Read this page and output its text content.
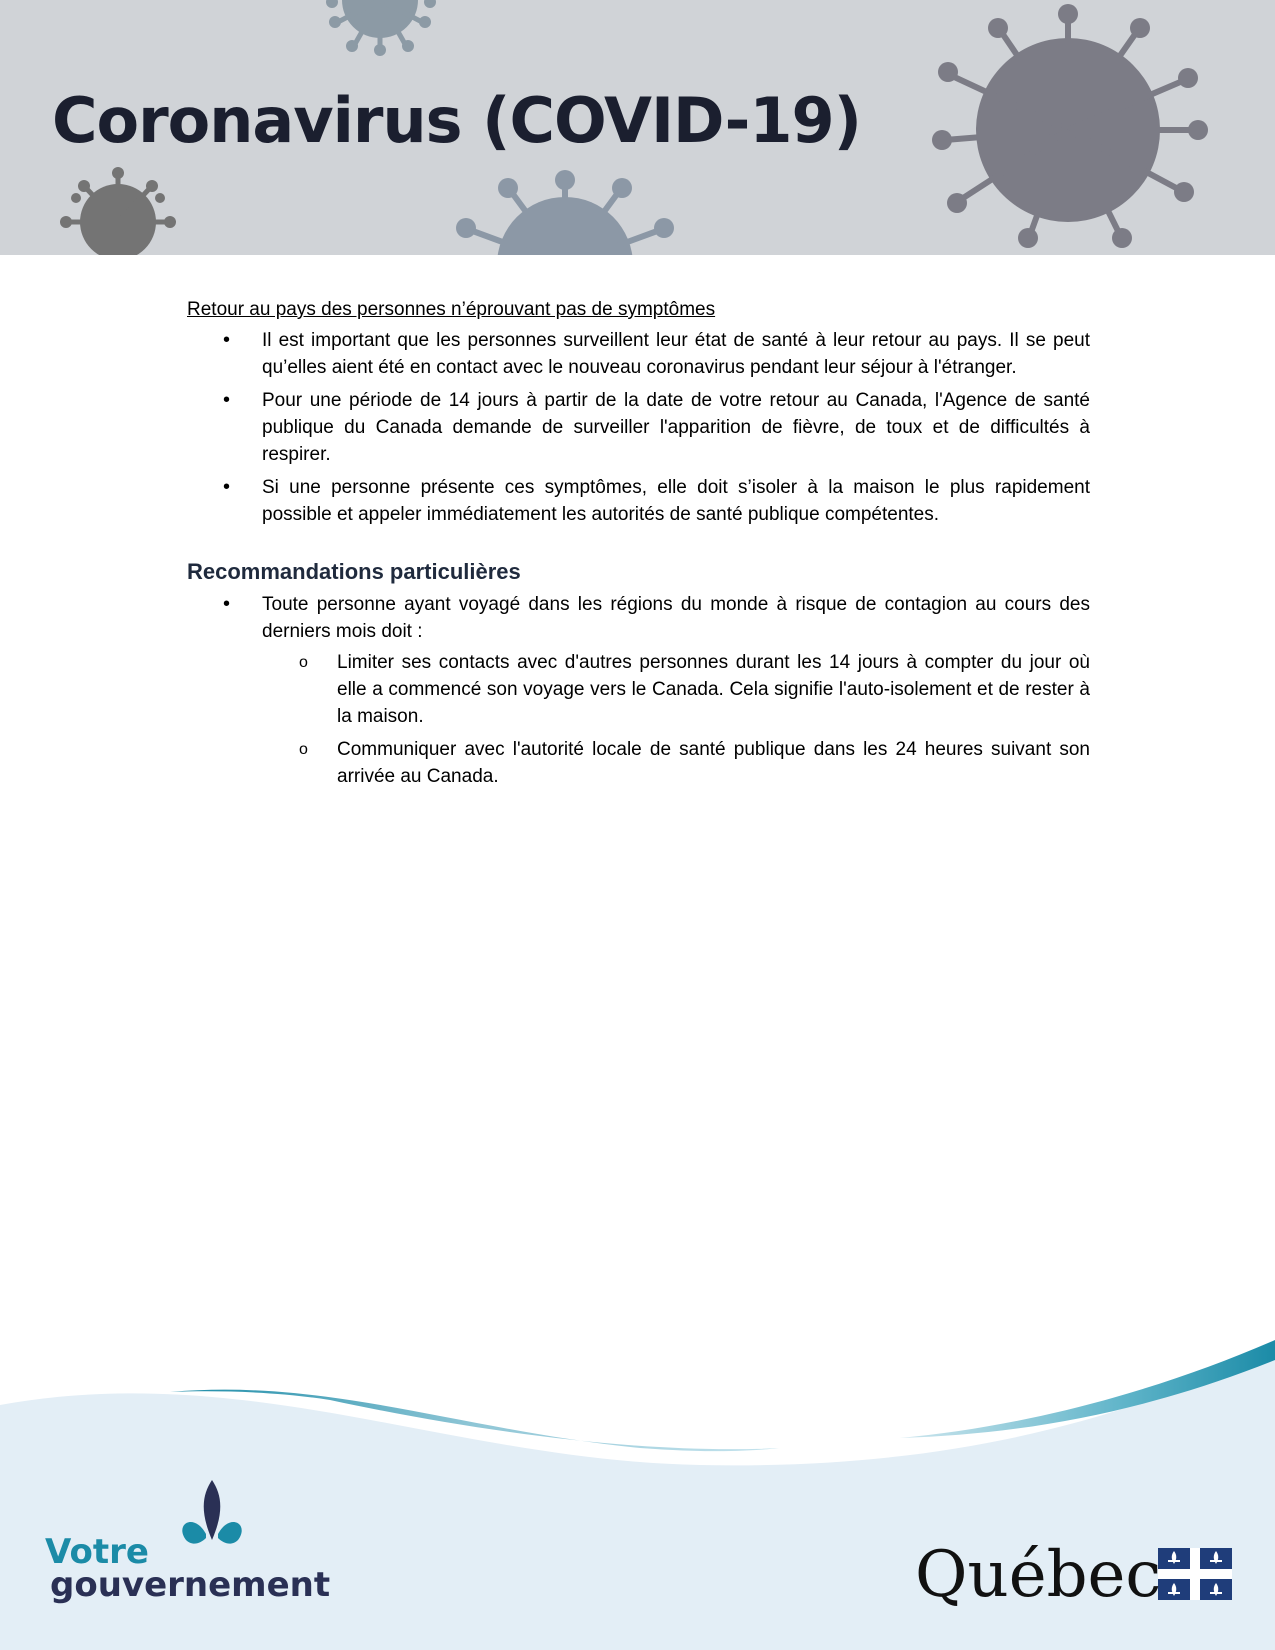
Coronavirus (COVID-19)

Retour au pays des personnes n’éprouvant pas de symptômes

• Il est important que les personnes surveillent leur état de santé à leur retour au pays. Il se peut qu’elles aient été en contact avec le nouveau coronavirus pendant leur séjour à l'étranger.
• Pour une période de 14 jours à partir de la date de votre retour au Canada, l'Agence de santé publique du Canada demande de surveiller l'apparition de fièvre, de toux et de difficultés à respirer.
• Si une personne présente ces symptômes, elle doit s’isoler à la maison le plus rapidement possible et appeler immédiatement les autorités de santé publique compétentes.
Recommandations particulières
• Toute personne ayant voyagé dans les régions du monde à risque de contagion au cours des derniers mois doit :
o Limiter ses contacts avec d'autres personnes durant les 14 jours à compter du jour où elle a commencé son voyage vers le Canada. Cela signifie l'auto-isolement et de rester à la maison.
o Communiquer avec l'autorité locale de santé publique dans les 24 heures suivant son arrivée au Canada.
Votre
gouvernement	Québec
